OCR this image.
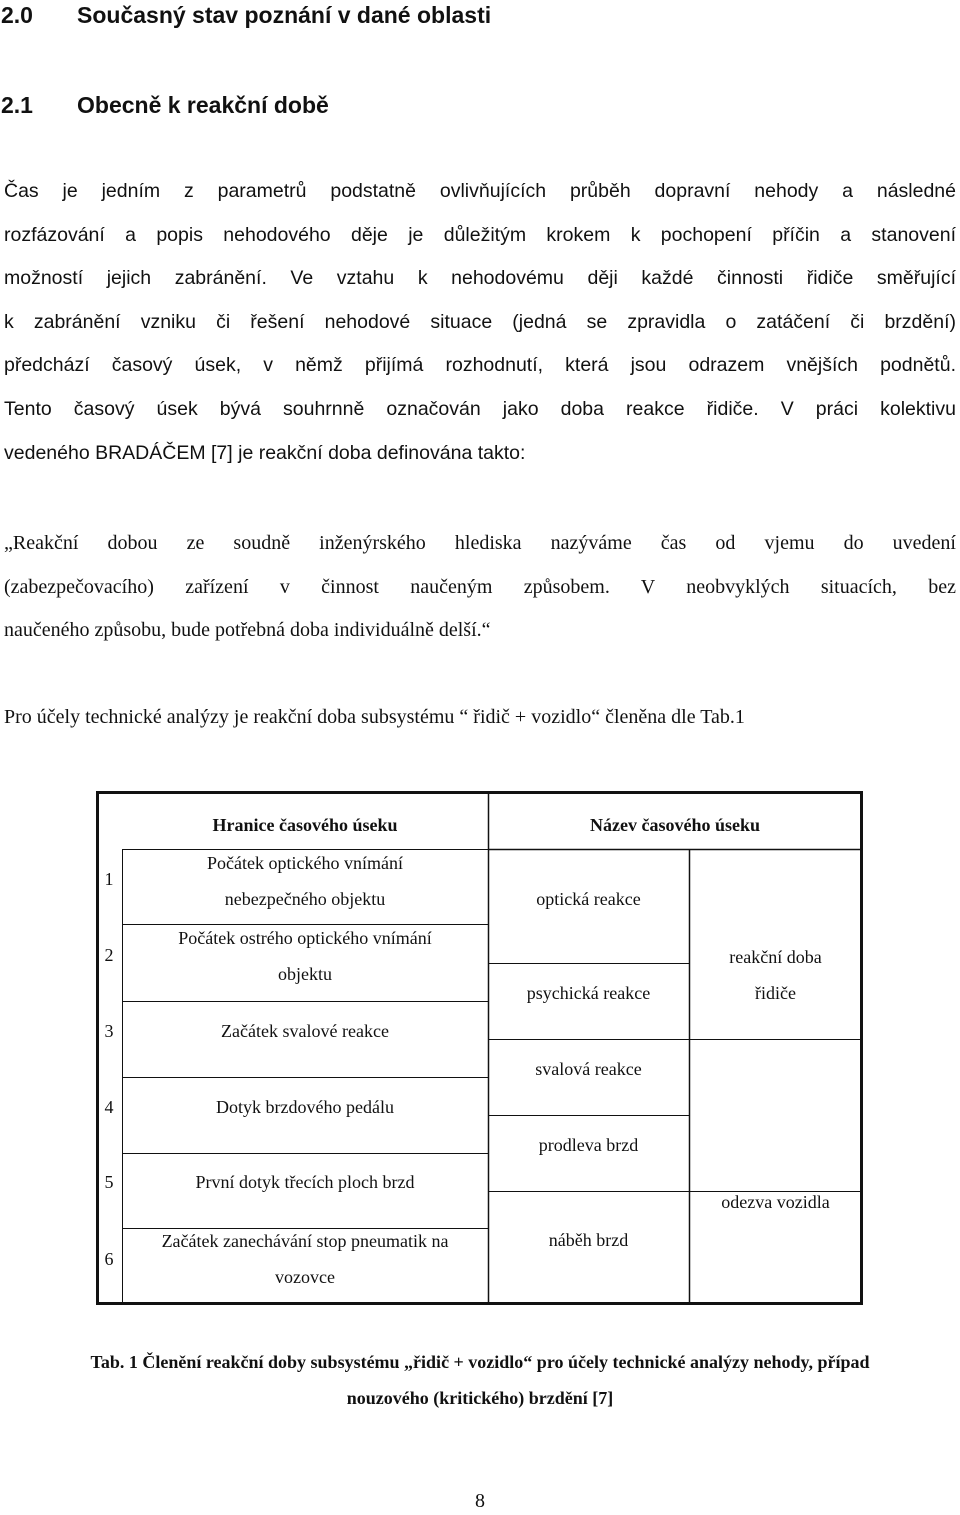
2.0 Současný stav poznání v dané oblasti
2.1 Obecně k reakční době
Čas je jedním z parametrů podstatně ovlivňujících průběh dopravní nehody a následné
rozfázování a popis nehodového děje je důležitým krokem k pochopení příčin a stanovení
možností jejich zabránění. Ve vztahu k nehodovému ději každé činnosti řidiče směřující
k zabránění vzniku či řešení nehodové situace (jedná se zpravidla o zatáčení či brzdění)
předchází časový úsek, v němž přijímá rozhodnutí, která jsou odrazem vnějších podnětů.
Tento časový úsek bývá souhrnně označován jako doba reakce řidiče. V práci kolektivu
vedeného BRADÁČEM [7] je reakční doba definována takto:
„Reakční dobou ze soudně inženýrského hlediska nazýváme čas od vjemu do uvedení
(zabezpečovacího) zařízení v činnost naučeným způsobem. V neobvyklých situacích, bez
naučeného způsobu, bude potřebná doba individuálně delší.“
Pro účely technické analýzy je reakční doba subsystému “ řidič + vozidlo“ členěna dle Tab.1
Hranice časového úseku	Název časového úseku
1
2
3
4
5
6
Počátek optického vnímání
nebezpečného objektu
Počátek ostrého optického vnímání
objektu
Začátek svalové reakce
Dotyk brzdového pedálu
První dotyk třecích ploch brzd
Začátek zanechávání stop pneumatik na
vozovce
optická reakce
psychická reakce
svalová reakce
prodleva brzd
náběh brzd
reakční doba
řidiče
odezva vozidla
Tab. 1 Členění reakční doby subsystému „řidič + vozidlo“ pro účely technické analýzy nehody, případ
nouzového (kritického) brzdění [7]
8
